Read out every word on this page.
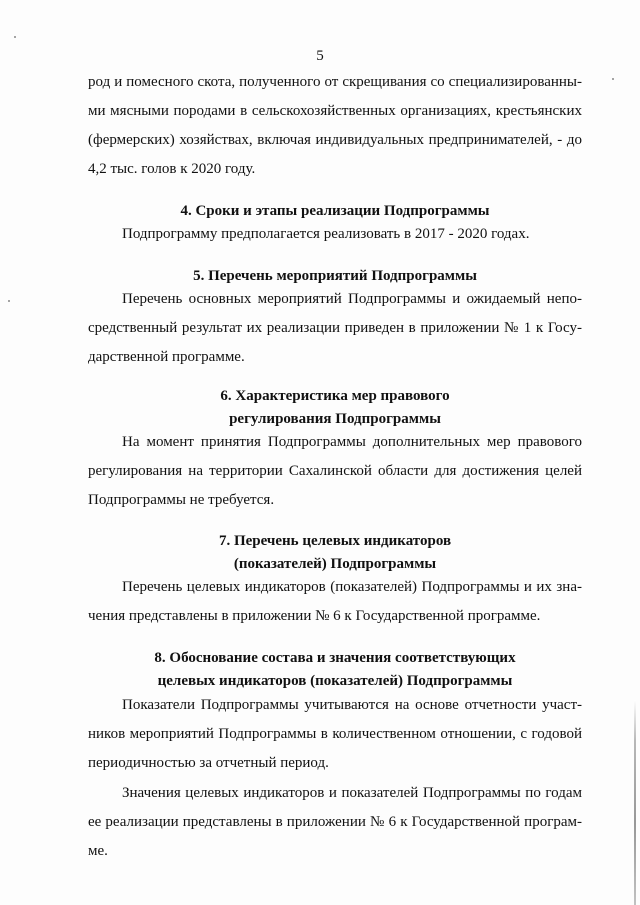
5
род и помесного скота, полученного от скрещивания со специализированны-
ми мясными породами в сельскохозяйственных организациях, крестьянских
(фермерских) хозяйствах, включая индивидуальных предпринимателей, - до
4,2 тыс. голов к 2020 году.
4. Сроки и этапы реализации Подпрограммы
Подпрограмму предполагается реализовать в 2017 - 2020 годах.
5. Перечень мероприятий Подпрограммы
Перечень основных мероприятий Подпрограммы и ожидаемый непо-
средственный результат их реализации приведен в приложении № 1 к Госу-
дарственной программе.
6. Характеристика мер правового
регулирования Подпрограммы
На момент принятия Подпрограммы дополнительных мер правового
регулирования на территории Сахалинской области для достижения целей
Подпрограммы не требуется.
7. Перечень целевых индикаторов
(показателей) Подпрограммы
Перечень целевых индикаторов (показателей) Подпрограммы и их зна-
чения представлены в приложении № 6 к Государственной программе.
8. Обоснование состава и значения соответствующих
целевых индикаторов (показателей) Подпрограммы
Показатели Подпрограммы учитываются на основе отчетности участ-
ников мероприятий Подпрограммы в количественном отношении, с годовой
периодичностью за отчетный период.
Значения целевых индикаторов и показателей Подпрограммы по годам
ее реализации представлены в приложении № 6 к Государственной програм-
ме.
